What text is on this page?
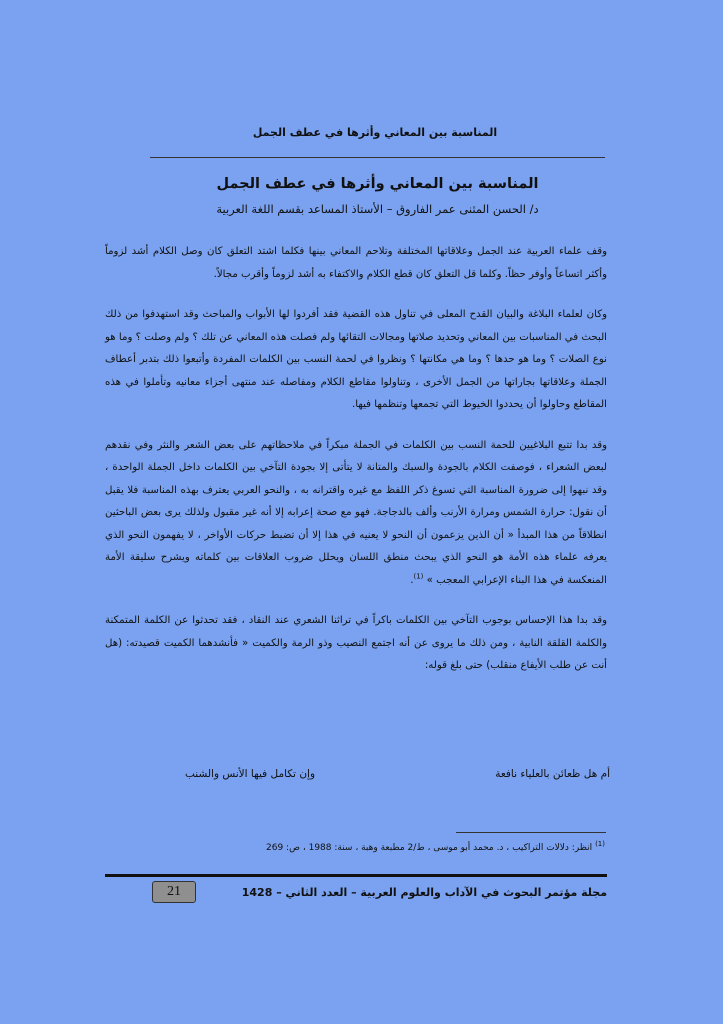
المناسبة بين المعاني وأثرها في عطف الجمل
المناسبة بين المعاني وأثرها في عطف الجمل
د/ الحسن المثنى عمر الفاروق – الأستاذ المساعد بقسم اللغة العربية

وقف علماء العربية عند الجمل وعلاقاتها المختلفة وتلاحم المعاني بينها فكلما اشتد التعلق كان وصل الكلام أشد لزوماً وأكثر اتساعاً وأوفر حظاً. وكلما قل التعلق كان قطع الكلام والاكتفاء به أشد لزوماً وأقرب مجالاً.

وكان لعلماء البلاغة والبيان القدح المعلى في تناول هذه القضية فقد أفردوا لها الأبواب والمباحث وقد استهدفوا من ذلك البحث في المناسبات بين المعاني وتحديد صلاتها ومجالات التقائها ولم فصلت هذه المعاني عن تلك ؟ ولم وصلت ؟ وما هو نوع الصلات ؟ وما هو حدها ؟ وما هي مكانتها ؟ ونظروا في لحمة النسب بين الكلمات المفردة وأتبعوا ذلك بتدبر أعطاف الجملة وعلاقاتها بجاراتها من الجمل الأخرى ، وتناولوا مقاطع الكلام ومفاصله عند منتهى أجزاء معانيه وتأملوا في هذه المقاطع وحاولوا أن يحددوا الخيوط التي تجمعها وتنظمها فيها.

وقد بدا تتبع البلاغيين للحمة النسب بين الكلمات في الجملة مبكراً في ملاحظاتهم على بعض الشعر والنثر وفي نقدهم لبعض الشعراء ، فوصفت الكلام بالجودة والسبك والمتانة لا يتأتى إلا بجودة التآخي بين الكلمات داخل الجملة الواحدة ، وقد نبهوا إلى ضرورة المناسبة التي تسوغ ذكر اللفظ مع غيره واقترانه به ، والنحو العربي يعترف بهذه المناسبة فلا يقبل أن نقول: حرارة الشمس ومرارة الأرنب وألف بالدجاجة. فهو مع صحة إعرابه إلا أنه غير مقبول ولذلك يرى بعض الباحثين انطلاقاً من هذا المبدأ « أن الذين يزعمون أن النحو لا يعنيه في هذا إلا أن تضبط حركات الأواخر ، لا يفهمون النحو الذي يعرفه علماء هذه الأمة هو النحو الذي يبحث منطق اللسان ويحلل ضروب العلاقات بين كلماته ويشرح سليقة الأمة المنعكسة في هذا البناء الإعرابي المعجب » $^{(1)}$.

وقد بدا هذا الإحساس بوجوب التآخي بين الكلمات باكراً في تراثنا الشعري عند النقاد ، فقد تحدثوا عن الكلمة المتمكنة والكلمة القلقة النابية ، ومن ذلك ما يروى عن أنه اجتمع النصيب وذو الرمة والكميت « فأنشدهما الكميت قصيدته: (هل أنت عن طلب الأيفاع منقلب) حتى بلغ قوله:

أم هل ظعائن بالعلياء نافعة
وإن تكامل فيها الأنس والشنب
$^{(1)}$ انظر: دلالات التراكيب ، د. محمد أبو موسى ، ط/2 مطبعة وهبة ، سنة: 1988 ، ص: 269
مجلة مؤتمر البحوث في الآداب والعلوم العربية – العدد الثاني – 1428
21
